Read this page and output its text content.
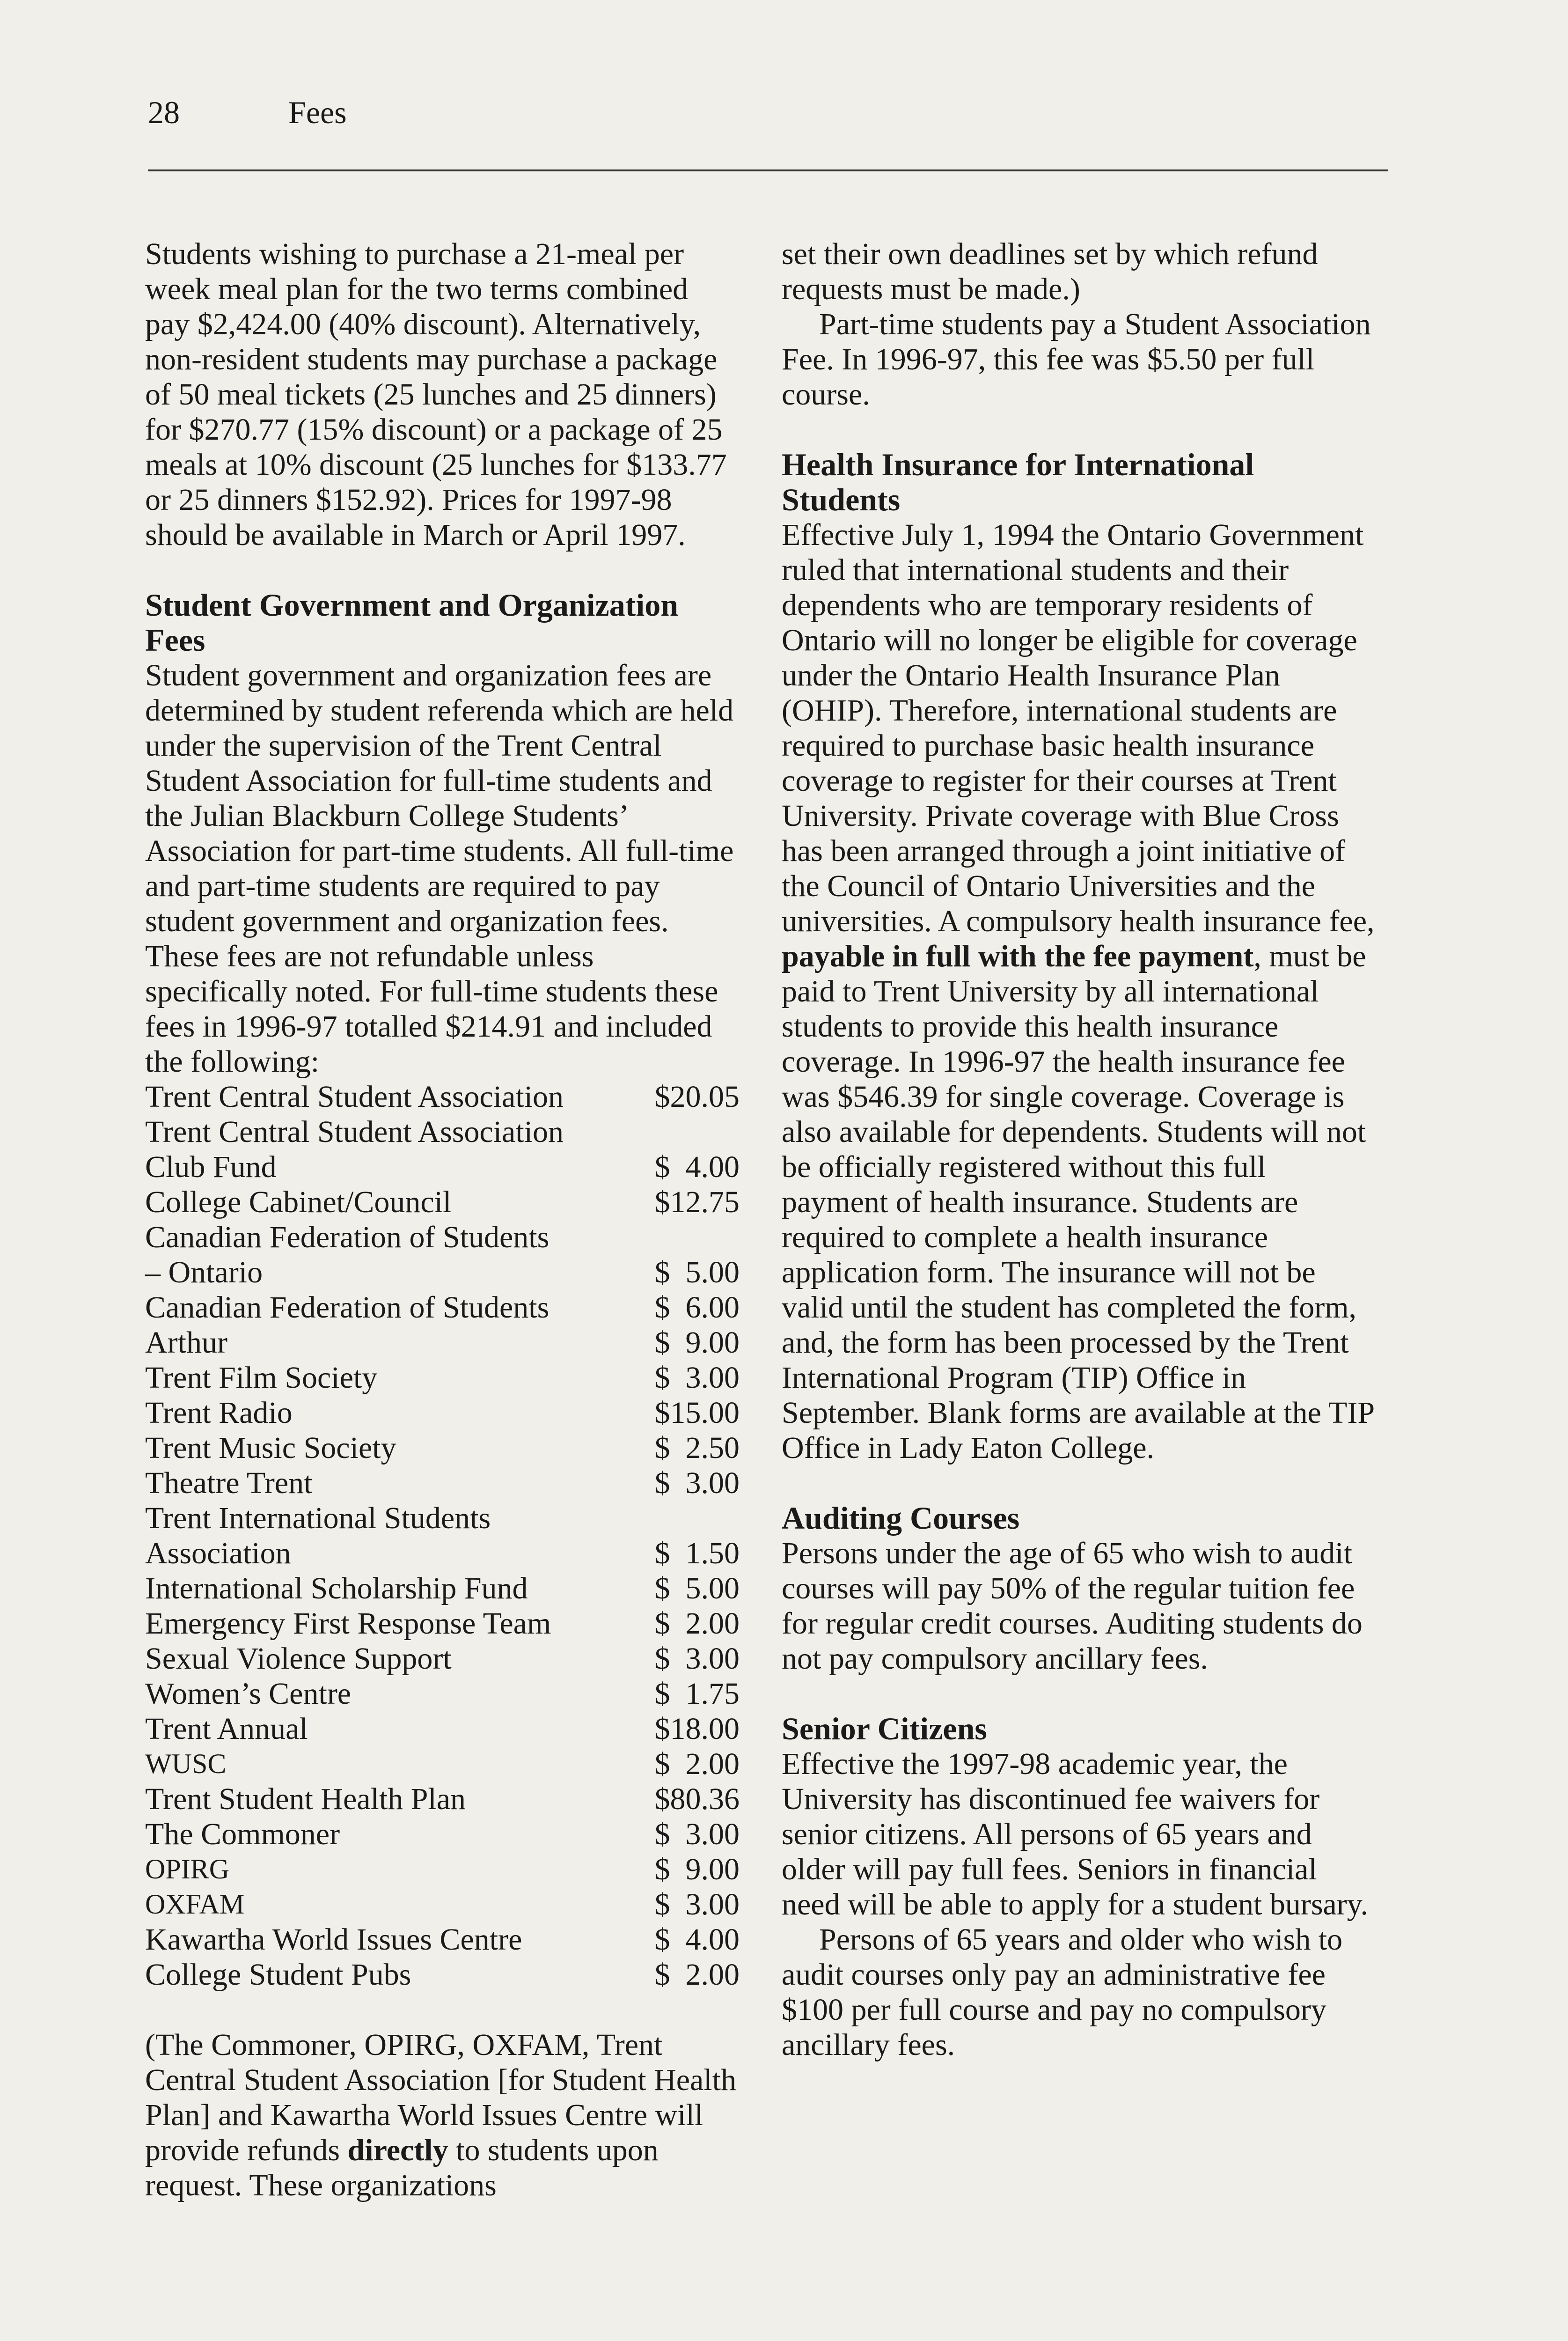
28	Fees

Students wishing to purchase a 21-meal per week meal plan for the two terms combined pay $2,424.00 (40% discount). Alternatively, non-resident students may purchase a package of 50 meal tickets (25 lunches and 25 dinners) for $270.77 (15% discount) or a package of 25 meals at 10% discount (25 lunches for $133.77 or 25 dinners $152.92). Prices for 1997-98 should be available in March or April 1997.

Student Government and Organization Fees

Student government and organization fees are determined by student referenda which are held under the supervision of the Trent Central Student Association for full-time students and the Julian Blackburn College Students’ Association for part-time students. All full-time and part-time students are required to pay student government and organization fees. These fees are not refundable unless specifically noted. For full-time students these fees in 1996-97 totalled $214.91 and included the following:

Trent Central Student Association	$20.05
Trent Central Student Association
Club Fund	$  4.00
College Cabinet/Council	$12.75
Canadian Federation of Students
– Ontario	$  5.00
Canadian Federation of Students	$  6.00
Arthur	$  9.00
Trent Film Society	$  3.00
Trent Radio	$15.00
Trent Music Society	$  2.50
Theatre Trent	$  3.00
Trent International Students
Association	$  1.50
International Scholarship Fund	$  5.00
Emergency First Response Team	$  2.00
Sexual Violence Support	$  3.00
Women’s Centre	$  1.75
Trent Annual	$18.00
WUSC	$  2.00
Trent Student Health Plan	$80.36
The Commoner	$  3.00
OPIRG	$  9.00
OXFAM	$  3.00
Kawartha World Issues Centre	$  4.00
College Student Pubs	$  2.00

(The Commoner, OPIRG, OXFAM, Trent Central Student Association [for Student Health Plan] and Kawartha World Issues Centre will provide refunds directly to students upon request. These organizations

set their own deadlines set by which refund requests must be made.)

Part-time students pay a Student Association Fee. In 1996-97, this fee was $5.50 per full course.

Health Insurance for International Students

Effective July 1, 1994 the Ontario Government ruled that international students and their dependents who are temporary residents of Ontario will no longer be eligible for coverage under the Ontario Health Insurance Plan (OHIP). Therefore, international students are required to purchase basic health insurance coverage to register for their courses at Trent University. Private coverage with Blue Cross has been arranged through a joint initiative of the Council of Ontario Universities and the universities. A compulsory health insurance fee, payable in full with the fee payment, must be paid to Trent University by all international students to provide this health insurance coverage. In 1996-97 the health insurance fee was $546.39 for single coverage. Coverage is also available for dependents. Students will not be officially registered without this full payment of health insurance. Students are required to complete a health insurance application form. The insurance will not be valid until the student has completed the form, and, the form has been processed by the Trent International Program (TIP) Office in September. Blank forms are available at the TIP Office in Lady Eaton College.

Auditing Courses

Persons under the age of 65 who wish to audit courses will pay 50% of the regular tuition fee for regular credit courses. Auditing students do not pay compulsory ancillary fees.

Senior Citizens

Effective the 1997-98 academic year, the University has discontinued fee waivers for senior citizens. All persons of 65 years and older will pay full fees. Seniors in financial need will be able to apply for a student bursary.

Persons of 65 years and older who wish to audit courses only pay an administrative fee $100 per full course and pay no compulsory ancillary fees.
